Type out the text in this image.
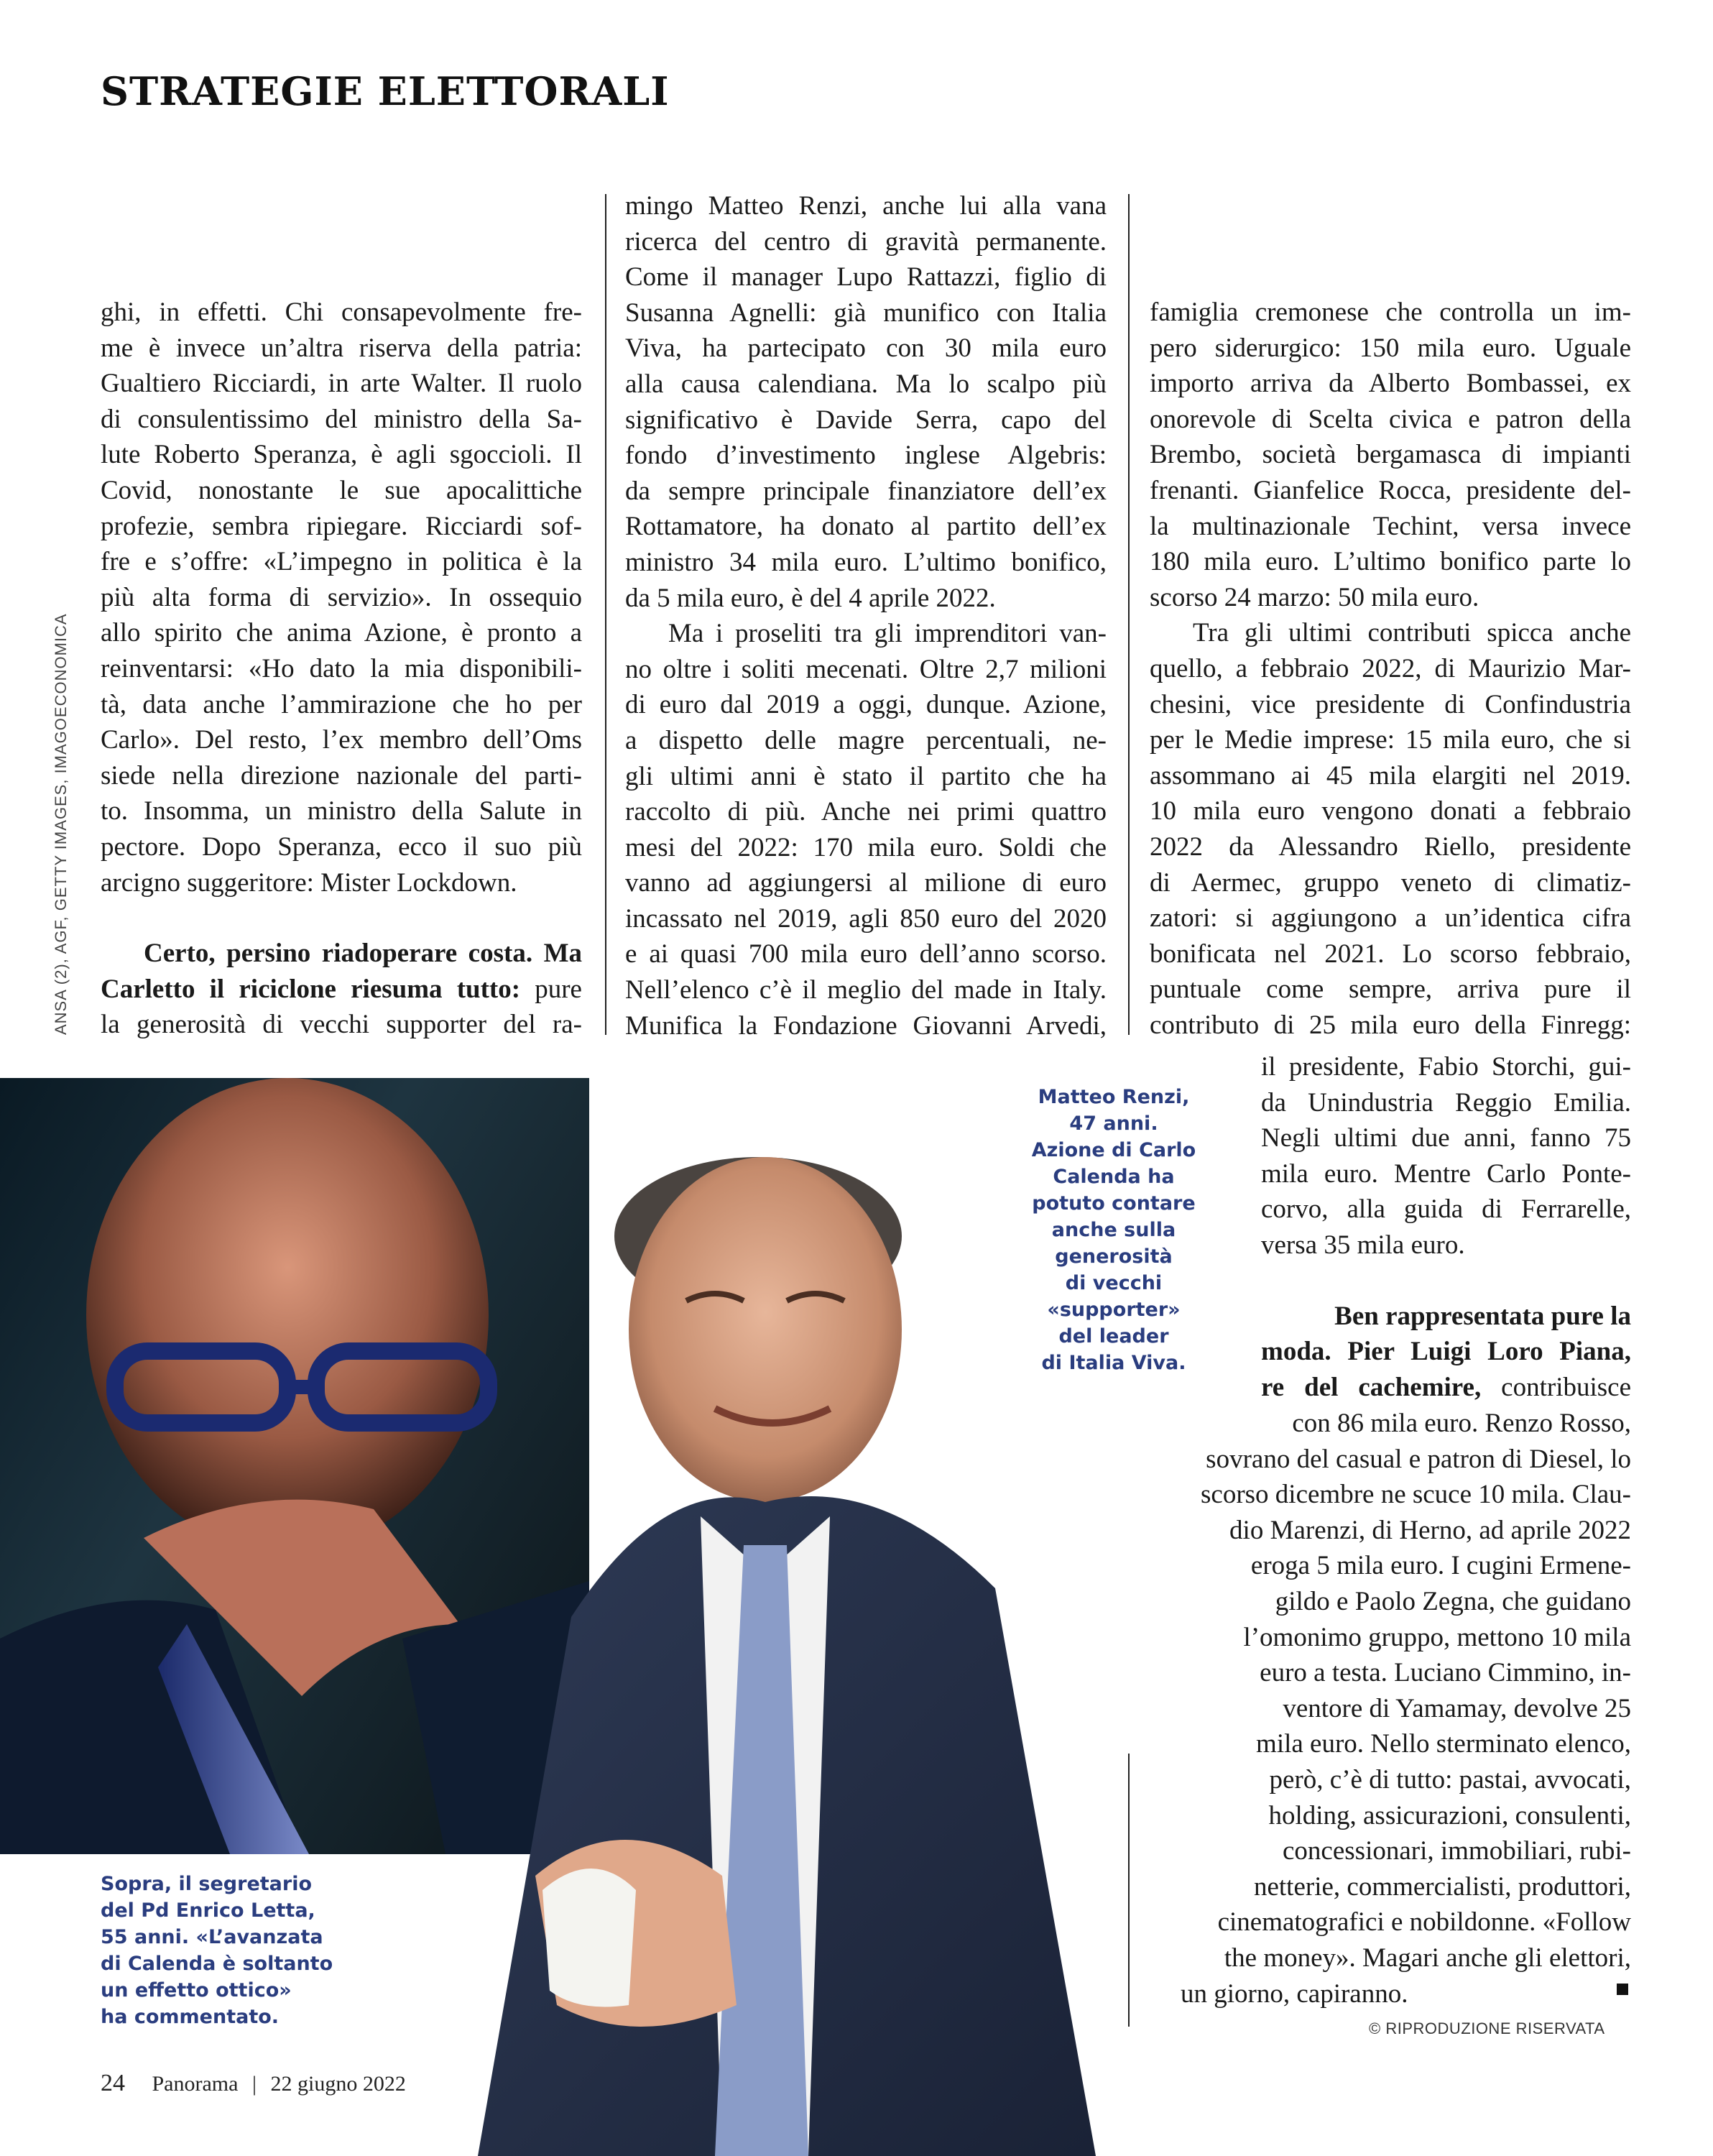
STRATEGIE ELETTORALI
ANSA (2), AGF, GETTY IMAGES, IMAGOECONOMICA
ghi, in effetti. Chi consapevolmente fre-
me è invece un’altra riserva della patria:
Gualtiero Ricciardi, in arte Walter. Il ruolo
di consulentissimo del ministro della Sa-
lute Roberto Speranza, è agli sgoccioli. Il
Covid, nonostante le sue apocalittiche
profezie, sembra ripiegare. Ricciardi sof-
fre e s’offre: «L’impegno in politica è la
più alta forma di servizio». In ossequio
allo spirito che anima Azione, è pronto a
reinventarsi: «Ho dato la mia disponibili-
tà, data anche l’ammirazione che ho per
Carlo». Del resto, l’ex membro dell’Oms
siede nella direzione nazionale del parti-
to. Insomma, un ministro della Salute in
pectore. Dopo Speranza, ecco il suo più
arcigno suggeritore: Mister Lockdown.
Certo, persino riadoperare costa. Ma
Carletto il riciclone riesuma tutto: pure
la generosità di vecchi supporter del ra-
mingo Matteo Renzi, anche lui alla vana
ricerca del centro di gravità permanente.
Come il manager Lupo Rattazzi, figlio di
Susanna Agnelli: già munifico con Italia
Viva, ha partecipato con 30 mila euro
alla causa calendiana. Ma lo scalpo più
significativo è Davide Serra, capo del
fondo d’investimento inglese Algebris:
da sempre principale finanziatore dell’ex
Rottamatore, ha donato al partito dell’ex
ministro 34 mila euro. L’ultimo bonifico,
da 5 mila euro, è del 4 aprile 2022.
Ma i proseliti tra gli imprenditori van-
no oltre i soliti mecenati. Oltre 2,7 milioni
di euro dal 2019 a oggi, dunque. Azione,
a dispetto delle magre percentuali, ne-
gli ultimi anni è stato il partito che ha
raccolto di più. Anche nei primi quattro
mesi del 2022: 170 mila euro. Soldi che
vanno ad aggiungersi al milione di euro
incassato nel 2019, agli 850 euro del 2020
e ai quasi 700 mila euro dell’anno scorso.
Nell’elenco c’è il meglio del made in Italy.
Munifica la Fondazione Giovanni Arvedi,
famiglia cremonese che controlla un im-
pero siderurgico: 150 mila euro. Uguale
importo arriva da Alberto Bombassei, ex
onorevole di Scelta civica e patron della
Brembo, società bergamasca di impianti
frenanti. Gianfelice Rocca, presidente del-
la multinazionale Techint, versa invece
180 mila euro. L’ultimo bonifico parte lo
scorso 24 marzo: 50 mila euro.
Tra gli ultimi contributi spicca anche
quello, a febbraio 2022, di Maurizio Mar-
chesini, vice presidente di Confindustria
per le Medie imprese: 15 mila euro, che si
assommano ai 45 mila elargiti nel 2019.
10 mila euro vengono donati a febbraio
2022 da Alessandro Riello, presidente
di Aermec, gruppo veneto di climatiz-
zatori: si aggiungono a un’identica cifra
bonificata nel 2021. Lo scorso febbraio,
puntuale come sempre, arriva pure il
contributo di 25 mila euro della Finregg:
il presidente, Fabio Storchi, gui-
da Unindustria Reggio Emilia.
Negli ultimi due anni, fanno 75
mila euro. Mentre Carlo Ponte-
corvo, alla guida di Ferrarelle,
versa 35 mila euro.
Ben rappresentata pure la
moda. Pier Luigi Loro Piana,
re del cachemire, contribuisce
con 86 mila euro. Renzo Rosso,
sovrano del casual e patron di Diesel, lo
scorso dicembre ne scuce 10 mila. Clau-
dio Marenzi, di Herno, ad aprile 2022
eroga 5 mila euro. I cugini Ermene-
gildo e Paolo Zegna, che guidano
l’omonimo gruppo, mettono 10 mila
euro a testa. Luciano Cimmino, in-
ventore di Yamamay, devolve 25
mila euro. Nello sterminato elenco,
però, c’è di tutto: pastai, avvocati,
holding, assicurazioni, consulenti,
concessionari, immobiliari, rubi-
netterie, commercialisti, produttori,
cinematografici e nobildonne. «Follow
the money». Magari anche gli elettori,
un giorno, capiranno.
Matteo Renzi,
47 anni.
Azione di Carlo
Calenda ha
potuto contare
anche sulla
generosità
di vecchi
«supporter»
del leader
di Italia Viva.
Sopra, il segretario
del Pd Enrico Letta,
55 anni. «L’avanzata
di Calenda è soltanto
un effetto ottico»
ha commentato.
© RIPRODUZIONE RISERVATA
24 Panorama | 22 giugno 2022
